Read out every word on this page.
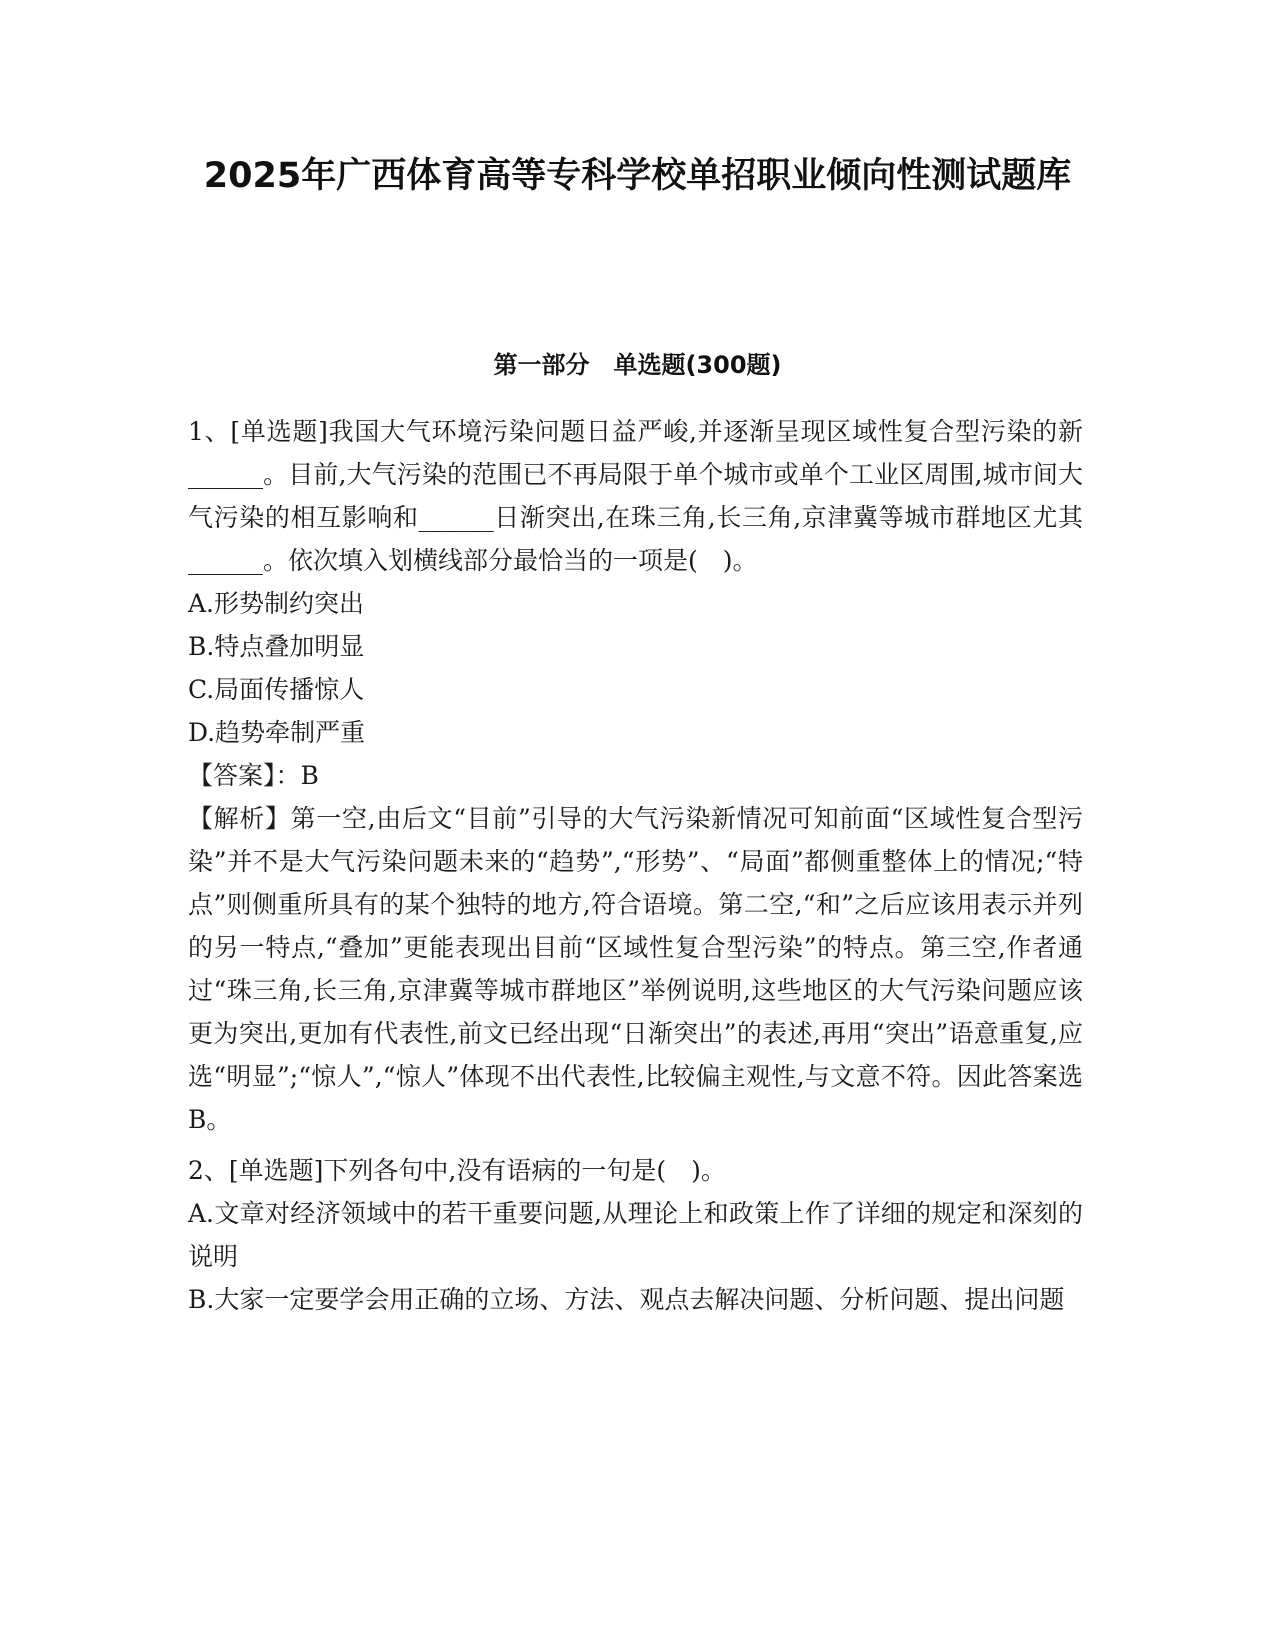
2025年广西体育高等专科学校单招职业倾向性测试题库
第一部分　单选题(300题)

1、[单选题]我国大气环境污染问题日益严峻,并逐渐呈现区域性复合型污染的新______。目前,大气污染的范围已不再局限于单个城市或单个工业区周围,城市间大气污染的相互影响和______日渐突出,在珠三角,长三角,京津冀等城市群地区尤其______。依次填入划横线部分最恰当的一项是(　)。

A.形势制约突出

B.特点叠加明显

C.局面传播惊人

D.趋势牵制严重

【答案】：B

【解析】第一空,由后文“目前”引导的大气污染新情况可知前面“区域性复合型污染”并不是大气污染问题未来的“趋势”,“形势”、“局面”都侧重整体上的情况;“特点”则侧重所具有的某个独特的地方,符合语境。第二空,“和”之后应该用表示并列的另一特点,“叠加”更能表现出目前“区域性复合型污染”的特点。第三空,作者通过“珠三角,长三角,京津冀等城市群地区”举例说明,这些地区的大气污染问题应该更为突出,更加有代表性,前文已经出现“日渐突出”的表述,再用“突出”语意重复,应选“明显”;“惊人”,“惊人”体现不出代表性,比较偏主观性,与文意不符。因此答案选B。

2、[单选题]下列各句中,没有语病的一句是(　)。

A.文章对经济领域中的若干重要问题,从理论上和政策上作了详细的规定和深刻的说明

B.大家一定要学会用正确的立场、方法、观点去解决问题、分析问题、提出问题
